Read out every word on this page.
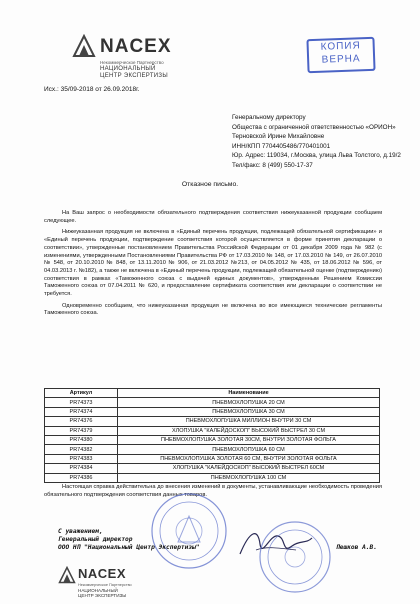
NACEX
Некоммерческое Партнерство
НАЦИОНАЛЬНЫЙ
ЦЕНТР ЭКСПЕРТИЗЫ
КОПИЯ
ВЕРНА
Исх.: 35/09-2018 от 26.09.2018г.
Генеральному директору
Общества с ограниченной ответственностью «ОРИОН»
Терновской Ирине Михайловне
ИНН/КПП 7704405486/770401001
Юр. Адрес: 119034, г.Москва, улица Льва Толстого, д.19/2
Тел/факс: 8 (499) 550-17-37
Отказное письмо.

На Ваш запрос о необходимости обязательного подтверждения соответствия нижеуказанной продукции сообщаем следующее.

Нижеуказанная продукция не включена в «Единый перечень продукции, подлежащей обязательной сертификации» и «Единый перечень продукции, подтверждение соответствия которой осуществляется в форме принятия декларации о соответствии», утвержденные постановлением Правительства Российской Федерации от 01 декабря 2009 года № 982 (с изменениями, утвержденными Постановлениями Правительства РФ от 17.03.2010 № 148, от 17.03.2010 № 149, от 26.07.2010 № 548, от 20.10.2010 № 848, от 13.11.2010 № 906, от 21.03.2012 №213, от 04.05.2012 № 435, от 18.06.2012 № 596, от 04.03.2013 г. №182), а также не включена в «Единый перечень продукции, подлежащей обязательной оценке (подтверждению) соответствия в рамках «Таможенного союза с выдачей единых документов», утвержденным Решением Комиссии Таможенного союза от 07.04.2011 № 620, и предоставление сертификата соответствия или декларации о соответствии не требуется.

Одновременно сообщаем, что нижеуказанная продукция не включена во все имеющиеся технические регламенты Таможенного союза.

Артикул	Наименование
PR74373	ПНЕВМОХЛОПУШКА 20 СМ
PR74374	ПНЕВМОХЛОПУШКА 30 СМ
PR74376	ПНЕВМОХЛОПУШКА МИЛЛИОН ВНУТРИ 30 СМ
PR74379	ХЛОПУШКА "КАЛЕЙДОСКОП" ВЫСОКИЙ ВЫСТРЕЛ 30 СМ
PR74380	ПНЕВМОХЛОПУШКА ЗОЛОТАЯ 30СМ, ВНУТРИ ЗОЛОТАЯ ФОЛЬГА
PR74382	ПНЕВМОХЛОПУШКА 60 СМ
PR74383	ПНЕВМОХЛОПУШКА ЗОЛОТАЯ 60 СМ, ВНУТРИ ЗОЛОТАЯ ФОЛЬГА
PR74384	ХЛОПУШКА "КАЛЕЙДОСКОП" ВЫСОКИЙ ВЫСТРЕЛ 60СМ
PR74386	ПНЕВМОХЛОПУШКА 100 СМ
Настоящая справка действительна до внесения изменений в документы, устанавливающие необходимость проведения обязательного подтверждения соответствия данных товаров.
С уважением,
Генеральный директор
ООО НП "Национальный Центр Экспертизы"	Пешков А.В.
NACEX
Некоммерческое Партнерство
НАЦИОНАЛЬНЫЙ
ЦЕНТР ЭКСПЕРТИЗЫ
